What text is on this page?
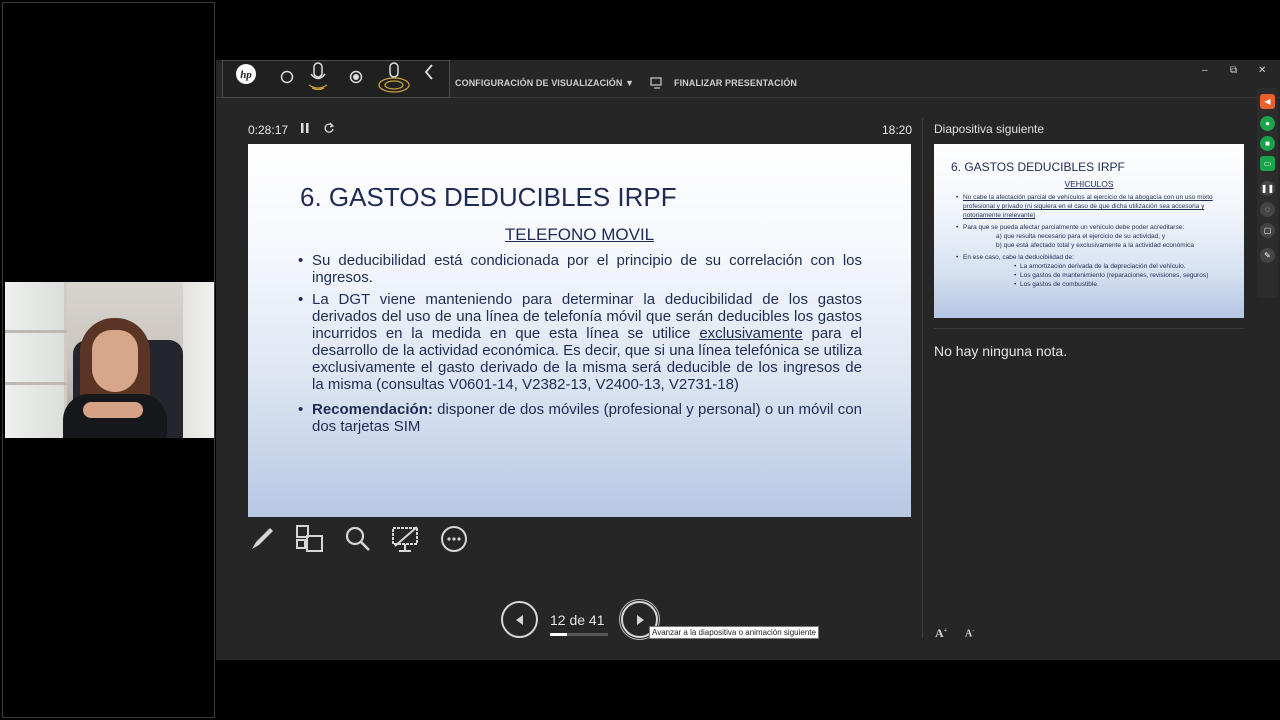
hp
CONFIGURACIÓN DE VISUALIZACIÓN ▼	FINALIZAR PRESENTACIÓN
– ⧉ ✕
0:28:17	18:20
6. GASTOS DEDUCIBLES IRPF
TELEFONO MOVIL
• Su deducibilidad está condicionada por el principio de su correlación con los ingresos.
• La DGT viene manteniendo para determinar la deducibilidad de los gastos derivados del uso de una línea de telefonía móvil que serán deducibles los gastos incurridos en la medida en que esta línea se utilice exclusivamente para el desarrollo de la actividad económica. Es decir, que si una línea telefónica se utiliza exclusivamente el gasto derivado de la misma será deducible de los ingresos de la misma (consultas V0601-14, V2382-13, V2400-13, V2731-18)
• Recomendación: disponer de dos móviles (profesional y personal) o un móvil con dos tarjetas SIM
12 de 41
Avanzar a la diapositiva o animación siguiente
Diapositiva siguiente
6. GASTOS DEDUCIBLES IRPF
VEHICULOS
• No cabe la afectación parcial de vehículos al ejercicio de la abogacía con un uso mixto profesional y privado (ni siquiera en el caso de que dicha utilización sea accesoria y notoriamente irrelevante)
• Para que se pueda afectar parcialmente un vehículo debe poder acreditarse:
a) que resulta necesario para el ejercicio de su actividad, y
b) que está afectado total y exclusivamente a la actividad económica
• En ese caso, cabe la deducibilidad de:
• La amortización derivada de la depreciación del vehículo.
• Los gastos de mantenimiento (reparaciones, revisiones, seguros)
• Los gastos de combustible.
No hay ninguna nota.
A+ A-
◀
●
■
▭
❚❚
◌
▢
✎
